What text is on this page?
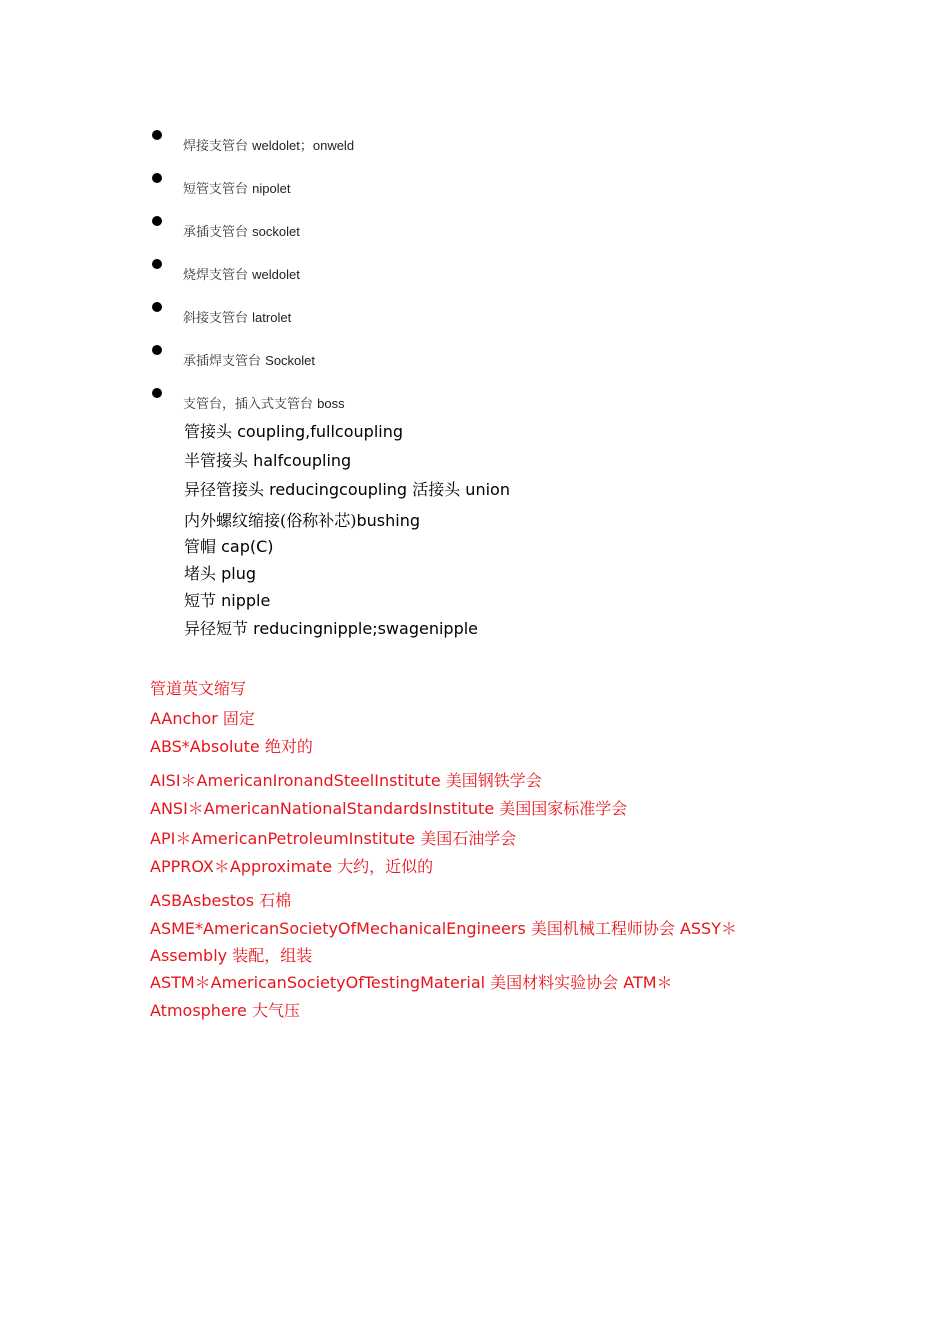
焊接支管台 weldolet；onweld
短管支管台 nipolet
承插支管台 sockolet
烧焊支管台 weldolet
斜接支管台 latrolet
承插焊支管台 Sockolet
支管台，插入式支管台 boss
管接头 coupling,fullcoupling
半管接头 halfcoupling
异径管接头 reducingcoupling 活接头 union
内外螺纹缩接(俗称补芯)bushing
管帽 cap(C)
堵头 plug
短节 nipple
异径短节 reducingnipple;swagenipple
管道英文缩写
AAnchor 固定
ABS*Absolute 绝对的
AISI＊AmericanIronandSteelInstitute 美国钢铁学会
ANSI＊AmericanNationalStandardsInstitute 美国国家标准学会
API＊AmericanPetroleumInstitute 美国石油学会
APPROX＊Approximate 大约，近似的
ASBAsbestos 石棉
ASME*AmericanSocietyOfMechanicalEngineers 美国机械工程师协会 ASSY＊
Assembly 装配，组装
ASTM＊AmericanSocietyOfTestingMaterial 美国材料实验协会 ATM＊
Atmosphere 大气压
